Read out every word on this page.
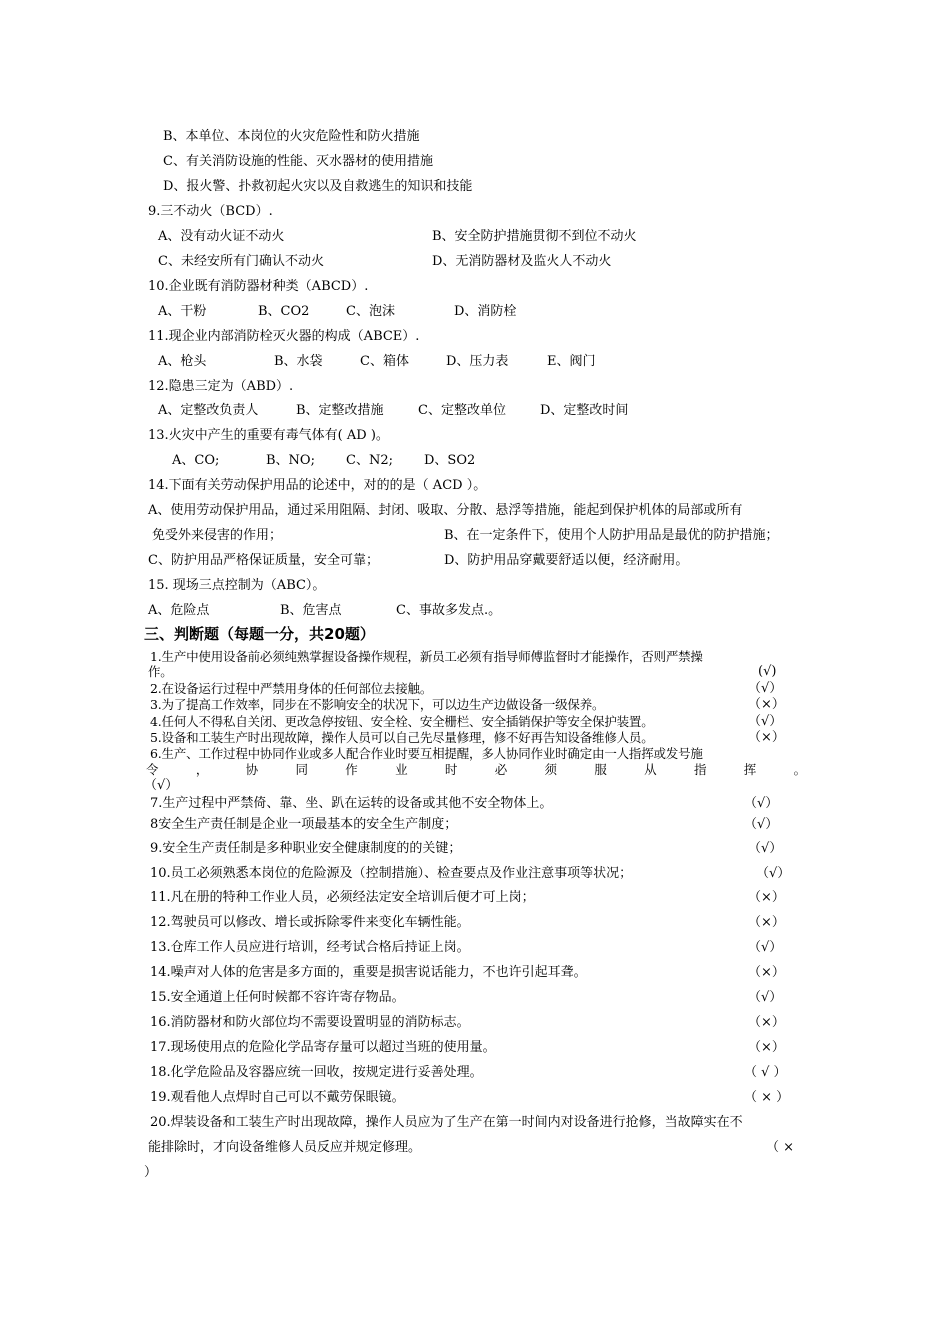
B、本单位、本岗位的火灾危险性和防火措施
C、有关消防设施的性能、灭水器材的使用措施
D、报火警、扑救初起火灾以及自救逃生的知识和技能
9.三不动火（BCD）.
A、没有动火证不动火	B、安全防护措施贯彻不到位不动火
C、未经安所有门确认不动火	D、无消防器材及监火人不动火
10.企业既有消防器材种类（ABCD）.
A、干粉	B、CO2	C、泡沫	D、消防栓
11.现企业内部消防栓灭火器的构成（ABCE）.
A、枪头	B、水袋	C、箱体	D、压力表	E、阀门
12.隐患三定为（ABD）.
A、定整改负责人	B、定整改措施	C、定整改单位	D、定整改时间
13.火灾中产生的重要有毒气体有( AD )。
A、CO;	B、NO; C、N2; D、SO2
14.下面有关劳动保护用品的论述中，对的的是（ ACD ）。
A、使用劳动保护用品，通过采用阻隔、封闭、吸取、分散、悬浮等措施，能起到保护机体的局部或所有
免受外来侵害的作用；	B、在一定条件下，使用个人防护用品是最优的防护措施；
C、防护用品严格保证质量，安全可靠；	D、防护用品穿戴要舒适以便，经济耐用。
15. 现场三点控制为（ABC）。
A、危险点	B、危害点	C、事故多发点.。
三、判断题（每题一分，共20题）
1.生产中使用设备前必须纯熟掌握设备操作规程，新员工必须有指导师傅监督时才能操作，否则严禁操
作。	(√)
2.在设备运行过程中严禁用身体的任何部位去接触。	（√）
3.为了提高工作效率，同步在不影响安全的状况下，可以边生产边做设备一级保养。	（×）
4.任何人不得私自关闭、更改急停按钮、安全栓、安全栅栏、安全插销保护等安全保护装置。	（√）
5.设备和工装生产时出现故障，操作人员可以自己先尽量修理，修不好再告知设备维修人员。	（×）
6.生产、工作过程中协同作业或多人配合作业时要互相提醒，多人协同作业时确定由一人指挥或发号施
令	，	协	同	作	业	时	必	须	服	从	指	挥	。
（√）
7.生产过程中严禁倚、靠、坐、趴在运转的设备或其他不安全物体上。	（√）
8安全生产责任制是企业一项最基本的安全生产制度；	（√）
9.安全生产责任制是多种职业安全健康制度的的关键；	（√）
10.员工必须熟悉本岗位的危险源及（控制措施）、检查要点及作业注意事项等状况；	（√）
11.凡在册的特种工作业人员，必须经法定安全培训后便才可上岗；	（×）
12.驾驶员可以修改、增长或拆除零件来变化车辆性能。	（×）
13.仓库工作人员应进行培训，经考试合格后持证上岗。	（√）
14.噪声对人体的危害是多方面的，重要是损害说话能力，不也许引起耳聋。	（×）
15.安全通道上任何时候都不容许寄存物品。	（√）
16.消防器材和防火部位均不需要设置明显的消防标志。	（×）
17.现场使用点的危险化学品寄存量可以超过当班的使用量。	（×）
18.化学危险品及容器应统一回收，按规定进行妥善处理。	（ √ ）
19.观看他人点焊时自己可以不戴劳保眼镜。	（ × ）
20.焊装设备和工装生产时出现故障，操作人员应为了生产在第一时间内对设备进行抢修，当故障实在不
能排除时，才向设备维修人员反应并规定修理。	（ ×
）
